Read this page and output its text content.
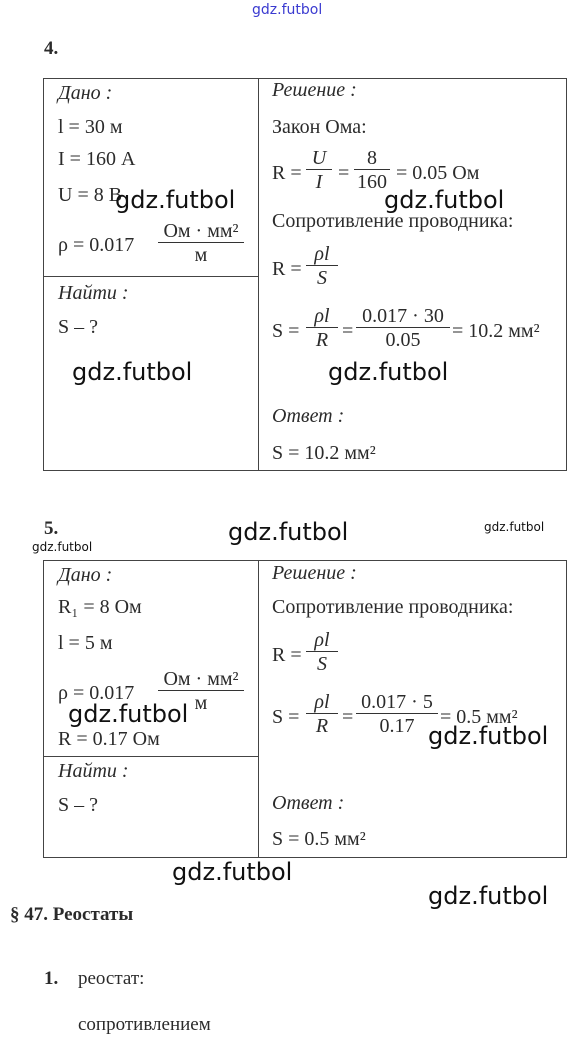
gdz.futbol
4.
Дано :
l = 30 м
I = 160 А
U = 8 В
ρ = 0.017
Ом · мм²
м
Найти :
S – ?
Решение :
Закон Ома:
$R = \frac{U}{I} = \frac{8}{160} = 0.05$ Ом
Сопротивление проводника:
$R = \frac{\rho l}{S}$
$S = \frac{\rho l}{R} = \frac{0.017 \cdot 30}{0.05} = 10.2$ мм²
Ответ :
S = 10.2 мм²
gdz.futbol	gdz.futbol
gdz.futbol	gdz.futbol
5.	gdz.futbol	gdz.futbol
gdz.futbol
Дано :
R₁ = 8 Ом
l = 5 м
ρ = 0.017
Ом · мм²
м
R = 0.17 Ом
Найти :
S – ?
Решение :
Сопротивление проводника:
$R = \frac{\rho l}{S}$
$S = \frac{\rho l}{R} = \frac{0.017 \cdot 5}{0.17} = 0.5$ мм²
Ответ :
S = 0.5 мм²
gdz.futbol
gdz.futbol
gdz.futbol
gdz.futbol
§ 47. Реостаты
1. реостат:
сопротивлением
